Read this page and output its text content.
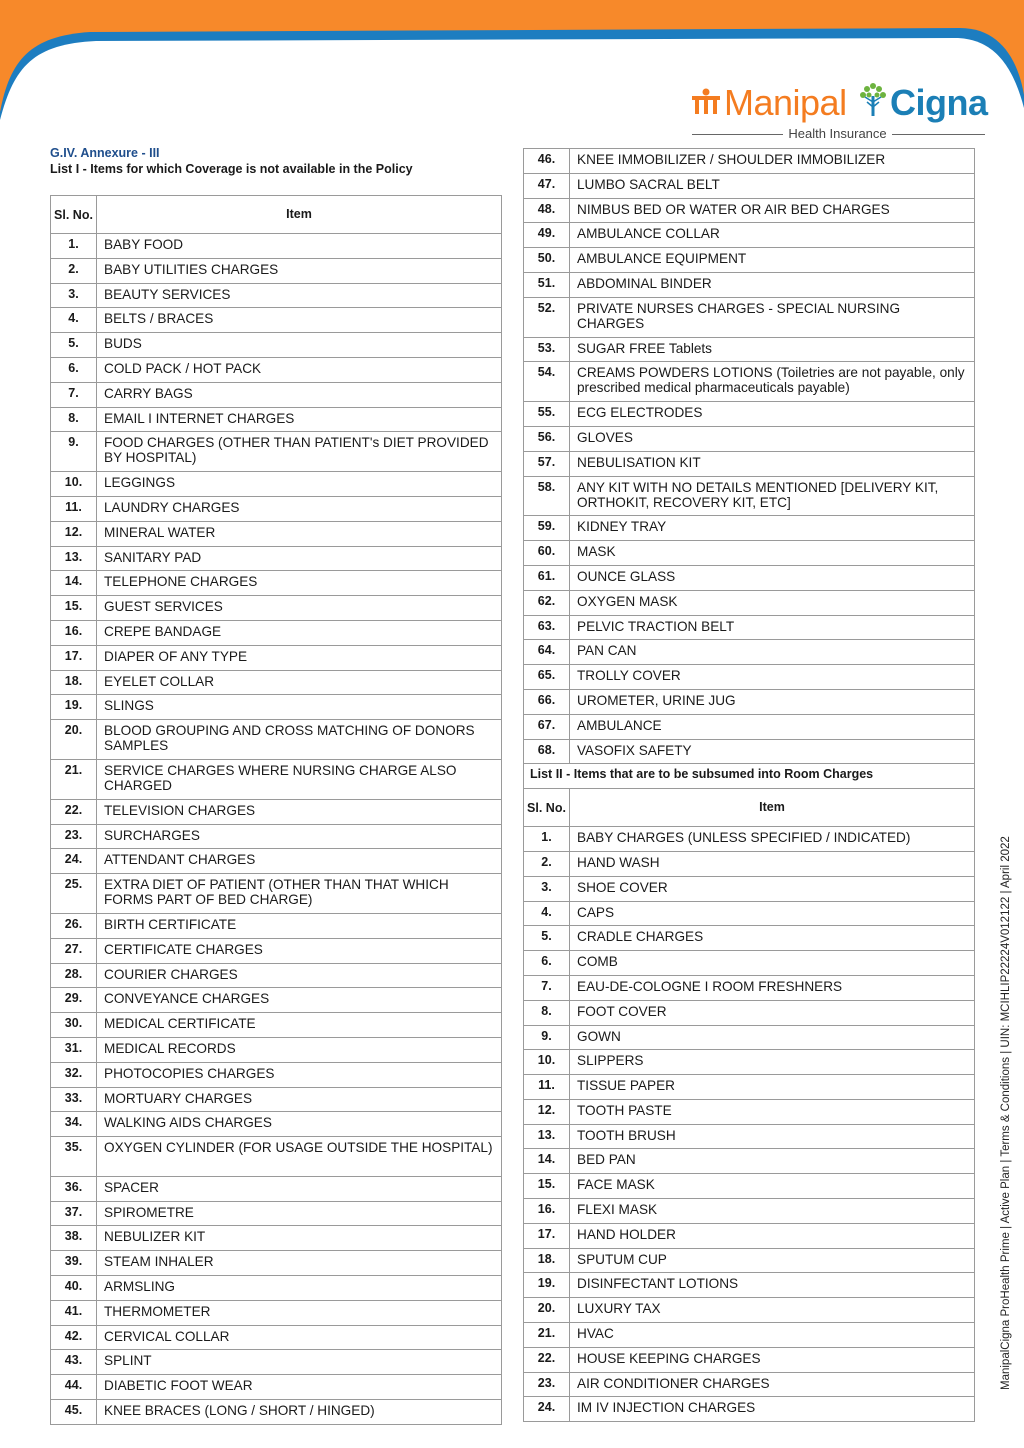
Manipal Cigna
Health Insurance
G.IV. Annexure - III
List I - Items for which Coverage is not available in the Policy
Sl. No.	Item
1.	BABY FOOD
2.	BABY UTILITIES CHARGES
3.	BEAUTY SERVICES
4.	BELTS / BRACES
5.	BUDS
6.	COLD PACK / HOT PACK
7.	CARRY BAGS
8.	EMAIL I INTERNET CHARGES
9.	FOOD CHARGES (OTHER THAN PATIENT's DIET PROVIDED BY HOSPITAL)
10.	LEGGINGS
11.	LAUNDRY CHARGES
12.	MINERAL WATER
13.	SANITARY PAD
14.	TELEPHONE CHARGES
15.	GUEST SERVICES
16.	CREPE BANDAGE
17.	DIAPER OF ANY TYPE
18.	EYELET COLLAR
19.	SLINGS
20.	BLOOD GROUPING AND CROSS MATCHING OF DONORS SAMPLES
21.	SERVICE CHARGES WHERE NURSING CHARGE ALSO CHARGED
22.	TELEVISION CHARGES
23.	SURCHARGES
24.	ATTENDANT CHARGES
25.	EXTRA DIET OF PATIENT (OTHER THAN THAT WHICH FORMS PART OF BED CHARGE)
26.	BIRTH CERTIFICATE
27.	CERTIFICATE CHARGES
28.	COURIER CHARGES
29.	CONVEYANCE CHARGES
30.	MEDICAL CERTIFICATE
31.	MEDICAL RECORDS
32.	PHOTOCOPIES CHARGES
33.	MORTUARY CHARGES
34.	WALKING AIDS CHARGES
35.	OXYGEN CYLINDER (FOR USAGE OUTSIDE THE HOSPITAL)
36.	SPACER
37.	SPIROMETRE
38.	NEBULIZER KIT
39.	STEAM INHALER
40.	ARMSLING
41.	THERMOMETER
42.	CERVICAL COLLAR
43.	SPLINT
44.	DIABETIC FOOT WEAR
45.	KNEE BRACES (LONG / SHORT / HINGED)
46.	KNEE IMMOBILIZER / SHOULDER IMMOBILIZER
47.	LUMBO SACRAL BELT
48.	NIMBUS BED OR WATER OR AIR BED CHARGES
49.	AMBULANCE COLLAR
50.	AMBULANCE EQUIPMENT
51.	ABDOMINAL BINDER
52.	PRIVATE NURSES CHARGES - SPECIAL NURSING CHARGES
53.	SUGAR FREE Tablets
54.	CREAMS POWDERS LOTIONS (Toiletries are not payable, only prescribed medical pharmaceuticals payable)
55.	ECG ELECTRODES
56.	GLOVES
57.	NEBULISATION KIT
58.	ANY KIT WITH NO DETAILS MENTIONED [DELIVERY KIT, ORTHOKIT, RECOVERY KIT, ETC]
59.	KIDNEY TRAY
60.	MASK
61.	OUNCE GLASS
62.	OXYGEN MASK
63.	PELVIC TRACTION BELT
64.	PAN CAN
65.	TROLLY COVER
66.	UROMETER, URINE JUG
67.	AMBULANCE
68.	VASOFIX SAFETY
List II - Items that are to be subsumed into Room Charges	
Sl. No.	Item
1.	BABY CHARGES (UNLESS SPECIFIED / INDICATED)
2.	HAND WASH
3.	SHOE COVER
4.	CAPS
5.	CRADLE CHARGES
6.	COMB
7.	EAU-DE-COLOGNE I ROOM FRESHNERS
8.	FOOT COVER
9.	GOWN
10.	SLIPPERS
11.	TISSUE PAPER
12.	TOOTH PASTE
13.	TOOTH BRUSH
14.	BED PAN
15.	FACE MASK
16.	FLEXI MASK
17.	HAND HOLDER
18.	SPUTUM CUP
19.	DISINFECTANT LOTIONS
20.	LUXURY TAX
21.	HVAC
22.	HOUSE KEEPING CHARGES
23.	AIR CONDITIONER CHARGES
24.	IM IV INJECTION CHARGES
ManipalCigna ProHealth Prime | Active Plan | Terms & Conditions | UIN: MCIHLIP22224V012122 | April 2022
